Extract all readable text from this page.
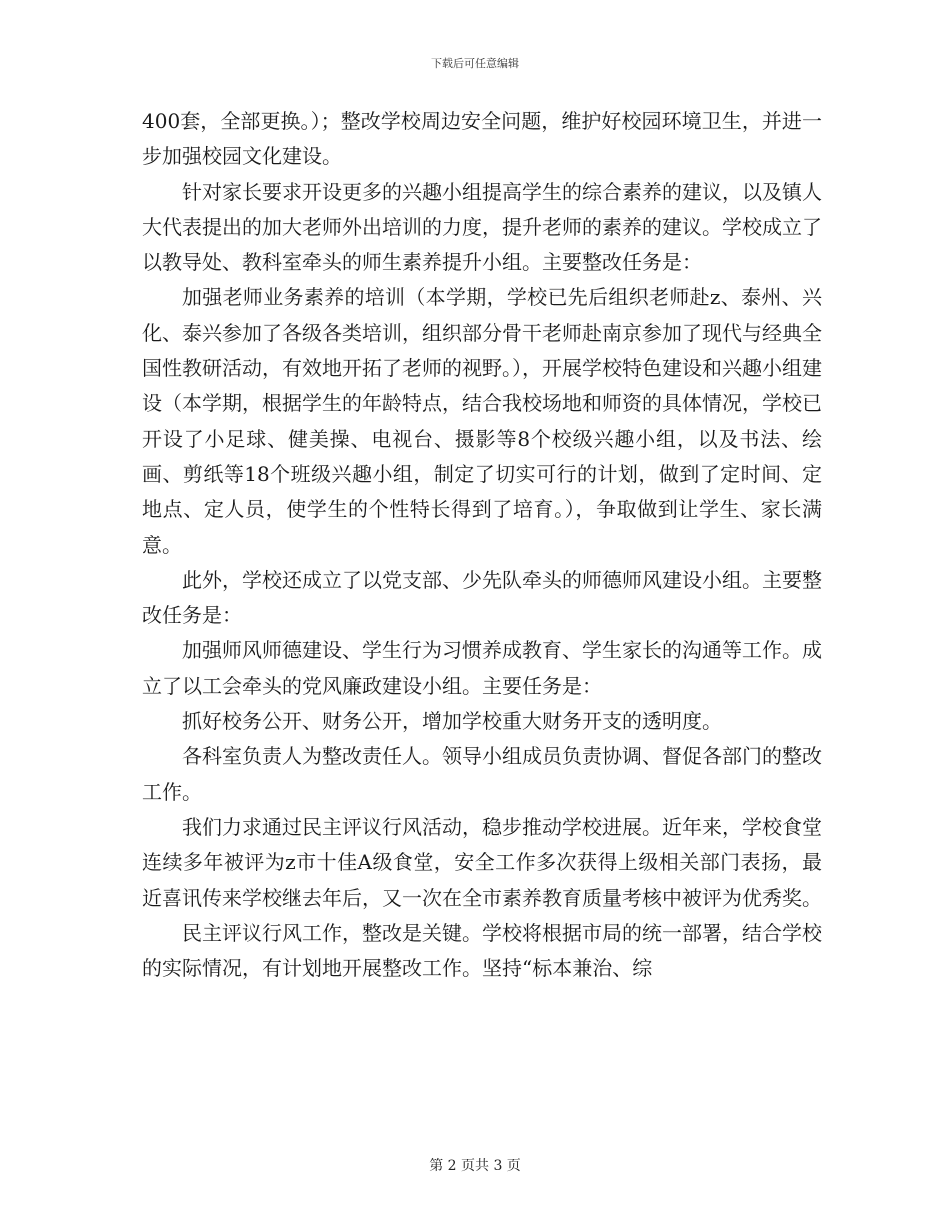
下载后可任意编辑

400套，全部更换。）；整改学校周边安全问题，维护好校园环境卫生，并进一步加强校园文化建设。

针对家长要求开设更多的兴趣小组提高学生的综合素养的建议，以及镇人大代表提出的加大老师外出培训的力度，提升老师的素养的建议。学校成立了以教导处、教科室牵头的师生素养提升小组。主要整改任务是：

加强老师业务素养的培训（本学期，学校已先后组织老师赴z、泰州、兴化、泰兴参加了各级各类培训，组织部分骨干老师赴南京参加了现代与经典全国性教研活动，有效地开拓了老师的视野。），开展学校特色建设和兴趣小组建设（本学期，根据学生的年龄特点，结合我校场地和师资的具体情况，学校已开设了小足球、健美操、电视台、摄影等8个校级兴趣小组，以及书法、绘画、剪纸等18个班级兴趣小组，制定了切实可行的计划，做到了定时间、定地点、定人员，使学生的个性特长得到了培育。），争取做到让学生、家长满意。

此外，学校还成立了以党支部、少先队牵头的师德师风建设小组。主要整改任务是：

加强师风师德建设、学生行为习惯养成教育、学生家长的沟通等工作。成立了以工会牵头的党风廉政建设小组。主要任务是：

抓好校务公开、财务公开，增加学校重大财务开支的透明度。

各科室负责人为整改责任人。领导小组成员负责协调、督促各部门的整改工作。

我们力求通过民主评议行风活动，稳步推动学校进展。近年来，学校食堂连续多年被评为z市十佳A级食堂，安全工作多次获得上级相关部门表扬，最近喜讯传来学校继去年后，又一次在全市素养教育质量考核中被评为优秀奖。

民主评议行风工作，整改是关键。学校将根据市局的统一部署，结合学校的实际情况，有计划地开展整改工作。坚持“标本兼治、综

第 2 页共 3 页
